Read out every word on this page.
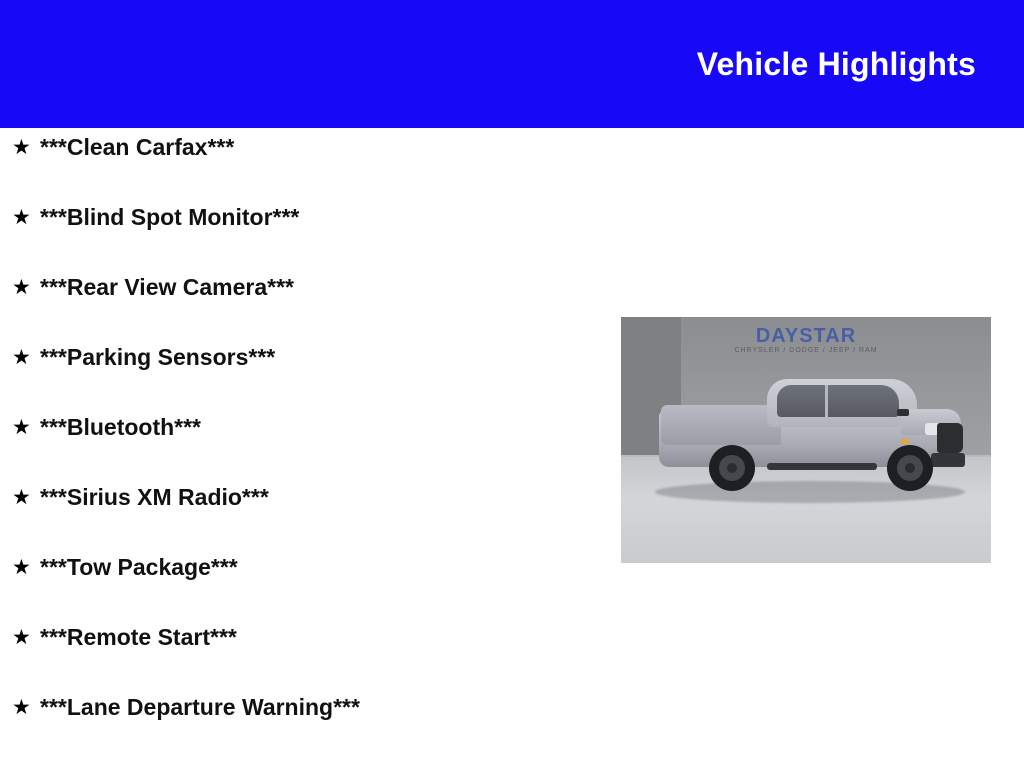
Vehicle Highlights
★ ***Clean Carfax***
★ ***Blind Spot Monitor***
★ ***Rear View Camera***
★ ***Parking Sensors***
★ ***Bluetooth***
★ ***Sirius XM Radio***
★ ***Tow Package***
★ ***Remote Start***
★ ***Lane Departure Warning***
DAYSTAR
CHRYSLER / DODGE / JEEP / RAM
